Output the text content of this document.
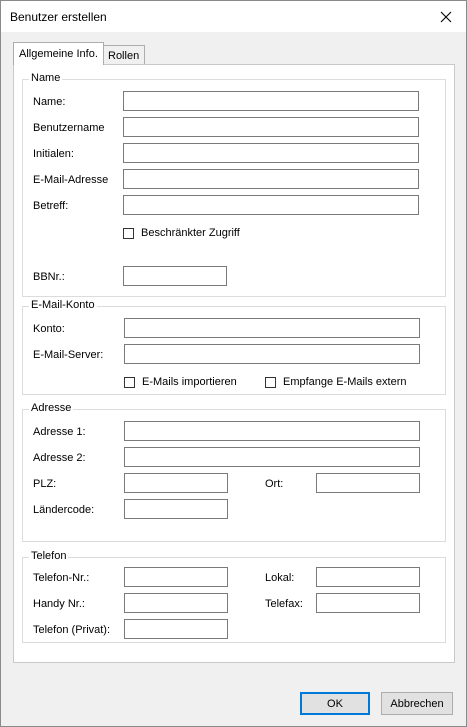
Benutzer erstellen
Allgemeine Info. Rollen
Name
Name:
Benutzername
Initialen:
E-Mail-Adresse
Betreff:
Beschränkter Zugriff
BBNr.:
E-Mail-Konto
Konto:
E-Mail-Server:
E-Mails importieren	Empfange E-Mails extern
Adresse
Adresse 1:
Adresse 2:
PLZ:	Ort:
Ländercode:
Telefon
Telefon-Nr.:	Lokal:
Handy Nr.:	Telefax:
Telefon (Privat):
OK	Abbrechen
